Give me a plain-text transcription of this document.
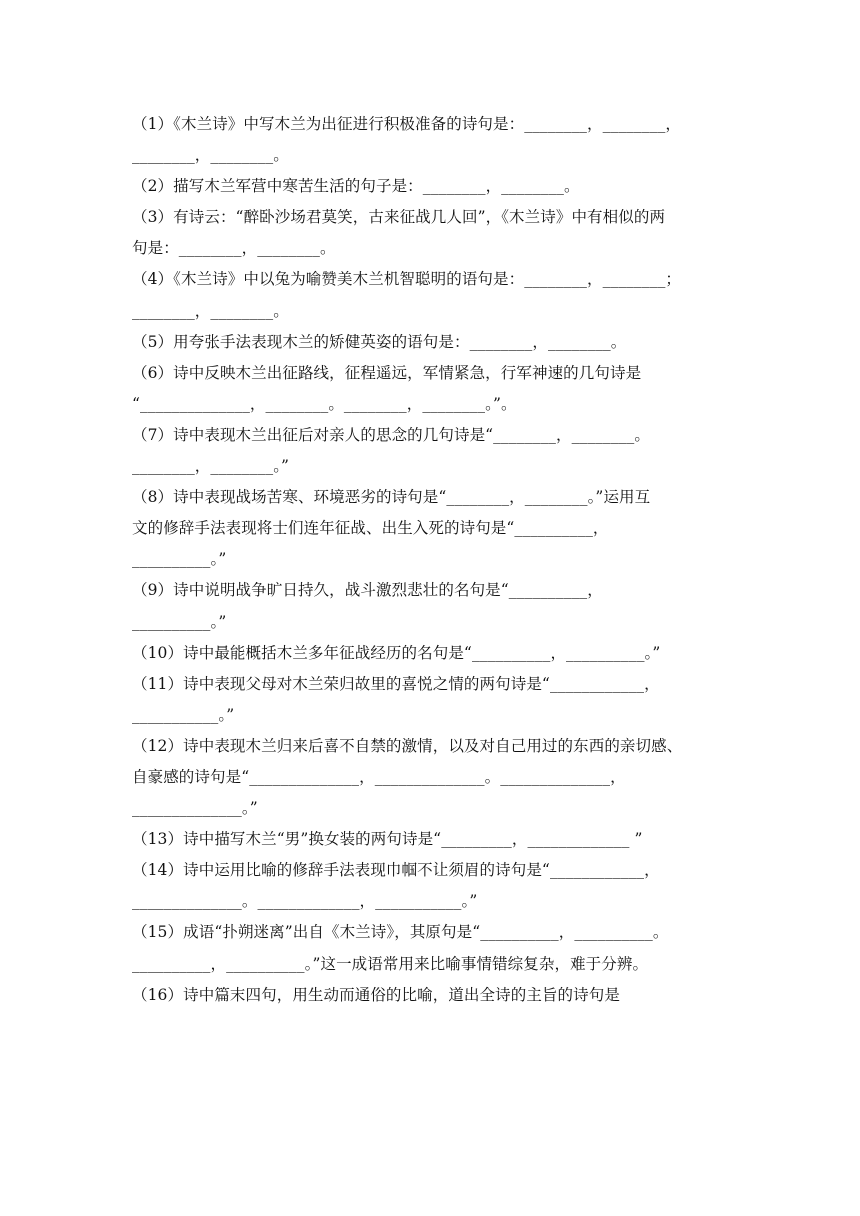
（1）《木兰诗》中写木兰为出征进行积极准备的诗句是：________，________，
________，________。
（2）描写木兰军营中寒苦生活的句子是：________，________。
（3）有诗云：“醉卧沙场君莫笑，古来征战几人回”，《木兰诗》中有相似的两
句是：________，________。
（4）《木兰诗》中以兔为喻赞美木兰机智聪明的语句是：________，________；
________，________。
（5）用夸张手法表现木兰的矫健英姿的语句是：________，________。
（6）诗中反映木兰出征路线，征程遥远，军情紧急，行军神速的几句诗是
“______________，________。________，________。”。
（7）诗中表现木兰出征后对亲人的思念的几句诗是“________，________。
________，________。”
（8）诗中表现战场苦寒、环境恶劣的诗句是“________，________。”运用互
文的修辞手法表现将士们连年征战、出生入死的诗句是“__________，
__________。”
（9）诗中说明战争旷日持久，战斗激烈悲壮的名句是“__________，
__________。”
（10）诗中最能概括木兰多年征战经历的名句是“__________，__________。”
（11）诗中表现父母对木兰荣归故里的喜悦之情的两句诗是“____________，
___________。”
（12）诗中表现木兰归来后喜不自禁的激情，以及对自己用过的东西的亲切感、
自豪感的诗句是“______________，______________。______________，
______________。”
（13）诗中描写木兰“男”换女装的两句诗是“_________，_____________ ”
（14）诗中运用比喻的修辞手法表现巾帼不让须眉的诗句是“____________，
______________。_____________，___________。”
（15）成语“扑朔迷离”出自《木兰诗》，其原句是“__________，__________。
__________，__________。”这一成语常用来比喻事情错综复杂，难于分辨。
（16）诗中篇末四句，用生动而通俗的比喻，道出全诗的主旨的诗句是
